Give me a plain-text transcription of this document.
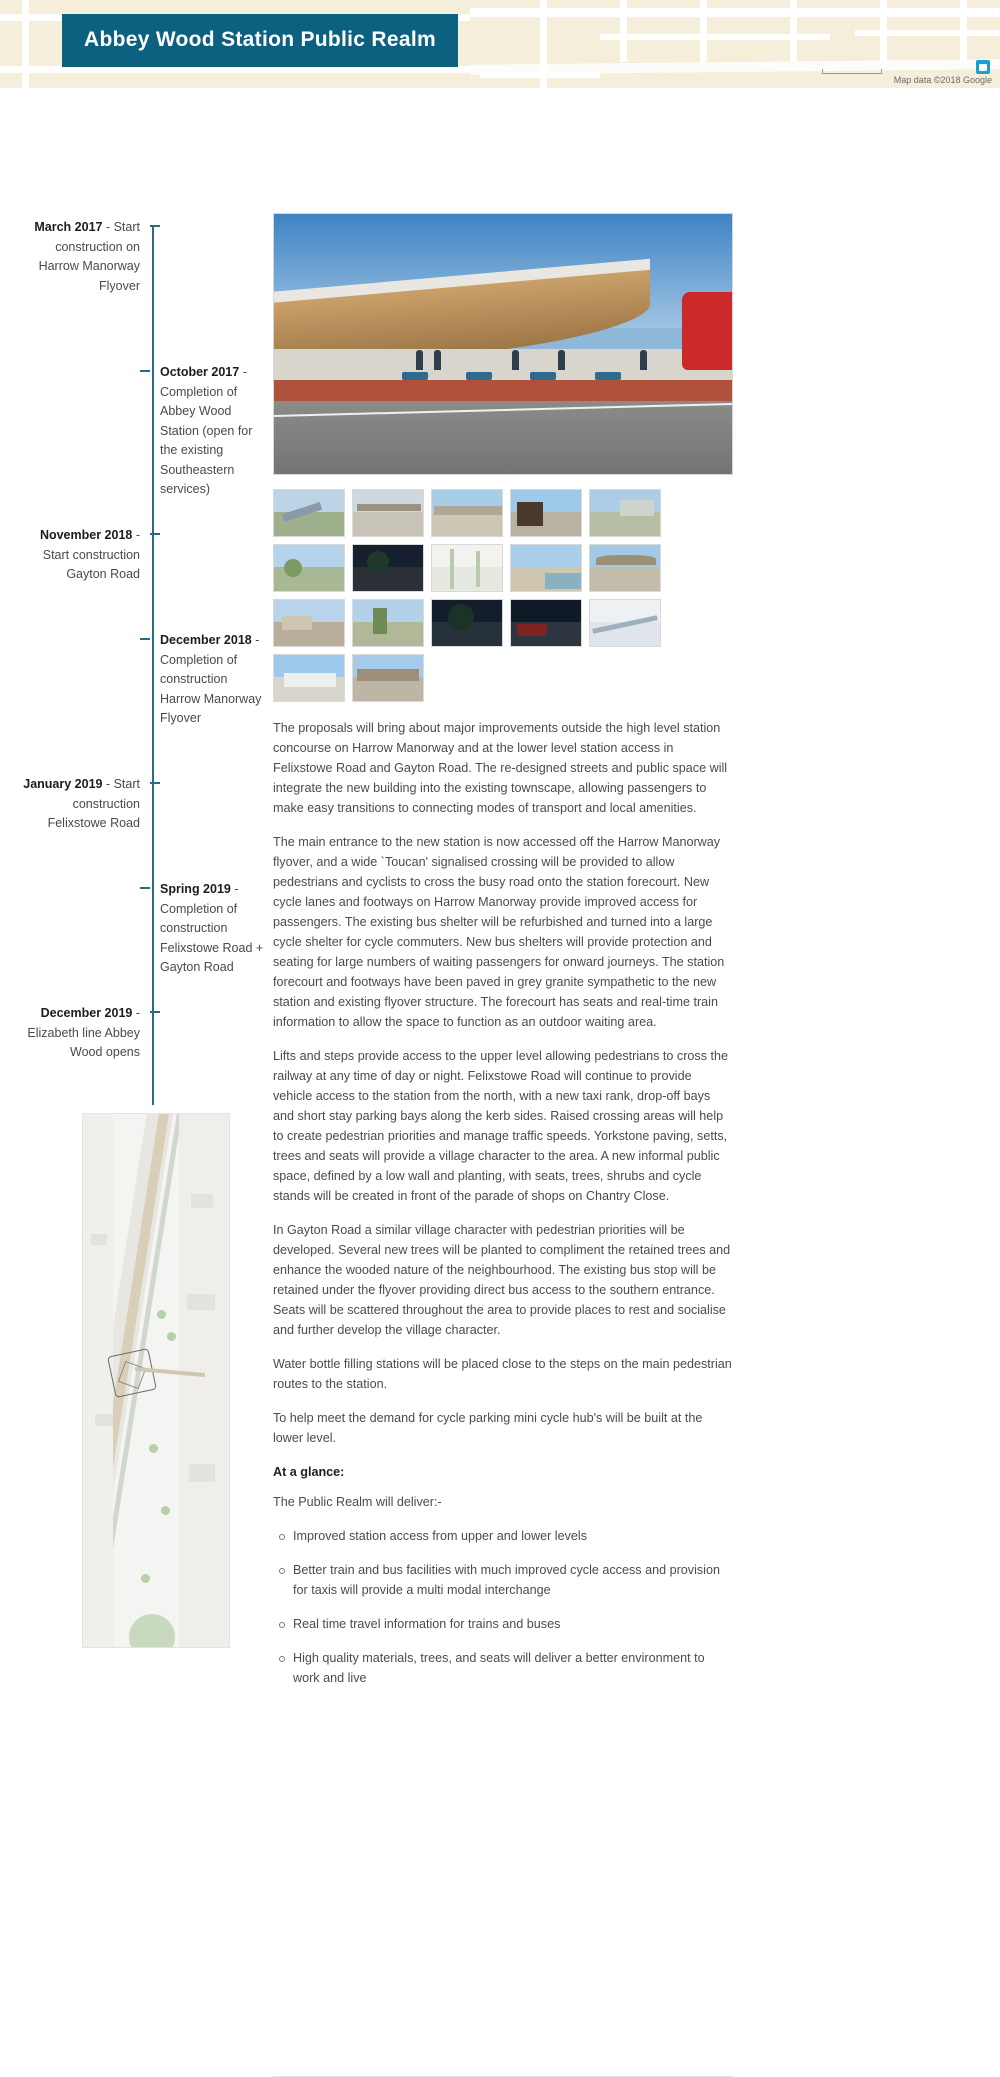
Abbey Wood Station Public Realm
Map data ©2018 Google
March 2017 - Start construction on Harrow Manorway Flyover
October 2017 - Completion of Abbey Wood Station (open for the existing Southeastern services)
November 2018 - Start construction Gayton Road
December 2018 - Completion of construction Harrow Manorway Flyover
January 2019 - Start construction Felixstowe Road
Spring 2019 - Completion of construction Felixstowe Road + Gayton Road
December 2019 - Elizabeth line Abbey Wood opens

The proposals will bring about major improvements outside the high level station concourse on Harrow Manorway and at the lower level station access in Felixstowe Road and Gayton Road. The re-designed streets and public space will integrate the new building into the existing townscape, allowing passengers to make easy transitions to connecting modes of transport and local amenities.

The main entrance to the new station is now accessed off the Harrow Manorway flyover, and a wide `Toucan' signalised crossing will be provided to allow pedestrians and cyclists to cross the busy road onto the station forecourt. New cycle lanes and footways on Harrow Manorway provide improved access for passengers. The existing bus shelter will be refurbished and turned into a large cycle shelter for cycle commuters. New bus shelters will provide protection and seating for large numbers of waiting passengers for onward journeys. The station forecourt and footways have been paved in grey granite sympathetic to the new station and existing flyover structure. The forecourt has seats and real-time train information to allow the space to function as an outdoor waiting area.

Lifts and steps provide access to the upper level allowing pedestrians to cross the railway at any time of day or night. Felixstowe Road will continue to provide vehicle access to the station from the north, with a new taxi rank, drop-off bays and short stay parking bays along the kerb sides. Raised crossing areas will help to create pedestrian priorities and manage traffic speeds. Yorkstone paving, setts, trees and seats will provide a village character to the area. A new informal public space, defined by a low wall and planting, with seats, trees, shrubs and cycle stands will be created in front of the parade of shops on Chantry Close.

In Gayton Road a similar village character with pedestrian priorities will be developed. Several new trees will be planted to compliment the retained trees and enhance the wooded nature of the neighbourhood. The existing bus stop will be retained under the flyover providing direct bus access to the southern entrance. Seats will be scattered throughout the area to provide places to rest and socialise and further develop the village character.

Water bottle filling stations will be placed close to the steps on the main pedestrian routes to the station.

To help meet the demand for cycle parking mini cycle hub's will be built at the lower level.

At a glance:

The Public Realm will deliver:-

Improved station access from upper and lower levels
Better train and bus facilities with much improved cycle access and provision for taxis will provide a multi modal interchange
Real time travel information for trains and buses
High quality materials, trees, and seats will deliver a better environment to work and live
